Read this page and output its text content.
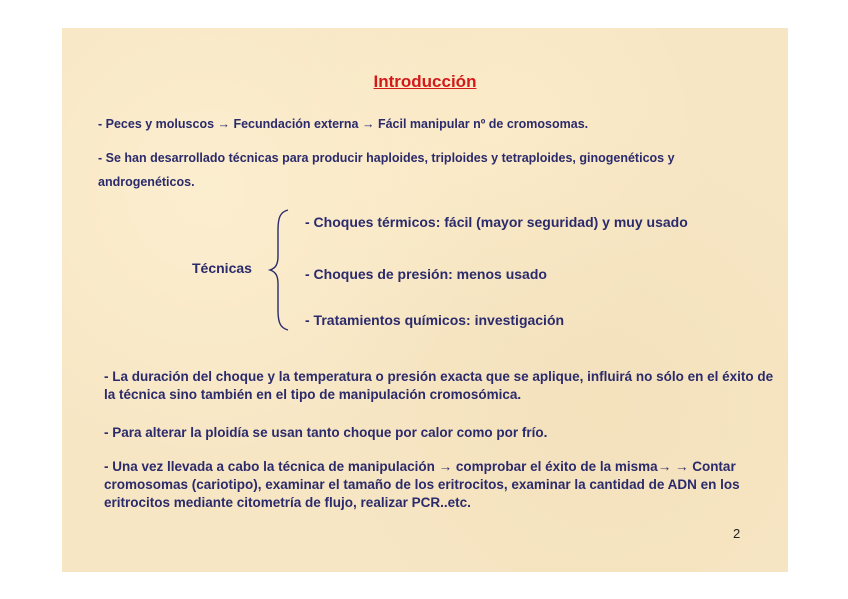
Introducción

- Peces y moluscos → Fecundación externa → Fácil manipular nº de cromosomas.

- Se han desarrollado técnicas para producir haploides, triploides y tetraploides, ginogenéticos y androgenéticos.

Técnicas

- Choques térmicos: fácil (mayor seguridad) y muy usado

- Choques de presión: menos usado

- Tratamientos químicos: investigación

- La duración del choque y la temperatura o presión exacta que se aplique, influirá no sólo en el éxito de la técnica sino también en el tipo de manipulación cromosómica.

- Para alterar la ploidía se usan tanto choque por calor como por frío.

- Una vez llevada a cabo la técnica de manipulación → comprobar el éxito de la misma→ → Contar cromosomas (cariotipo), examinar el tamaño de los eritrocitos, examinar la cantidad de ADN en los eritrocitos mediante citometría de flujo, realizar PCR..etc.

2
